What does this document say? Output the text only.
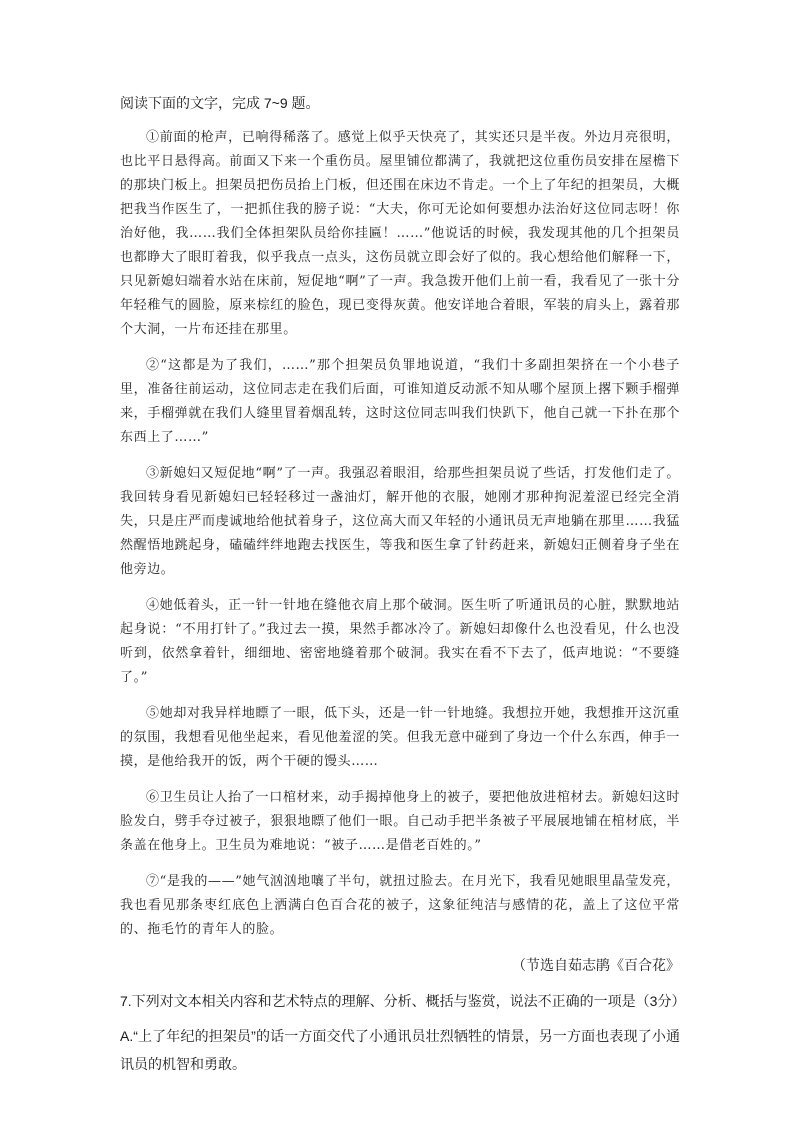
阅读下面的文字，完成 7~9 题。

①前面的枪声，已响得稀落了。感觉上似乎天快亮了，其实还只是半夜。外边月亮很明，也比平日悬得高。前面又下来一个重伤员。屋里铺位都满了，我就把这位重伤员安排在屋檐下的那块门板上。担架员把伤员抬上门板，但还围在床边不肯走。一个上了年纪的担架员，大概把我当作医生了，一把抓住我的膀子说：“大夫，你可无论如何要想办法治好这位同志呀！你治好他，我……我们全体担架队员给你挂匾！……”他说话的时候，我发现其他的几个担架员也都睁大了眼盯着我，似乎我点一点头，这伤员就立即会好了似的。我心想给他们解释一下，只见新媳妇端着水站在床前，短促地“啊”了一声。我急拨开他们上前一看，我看见了一张十分年轻稚气的圆脸，原来棕红的脸色，现已变得灰黄。他安详地合着眼，军装的肩头上，露着那个大洞，一片布还挂在那里。

②“这都是为了我们，……”那个担架员负罪地说道，“我们十多副担架挤在一个小巷子里，准备往前运动，这位同志走在我们后面，可谁知道反动派不知从哪个屋顶上撂下颗手榴弹来，手榴弹就在我们人缝里冒着烟乱转，这时这位同志叫我们快趴下，他自己就一下扑在那个东西上了……”

③新媳妇又短促地“啊”了一声。我强忍着眼泪，给那些担架员说了些话，打发他们走了。我回转身看见新媳妇已轻轻移过一盏油灯，解开他的衣服，她刚才那种拘泥羞涩已经完全消失，只是庄严而虔诚地给他拭着身子，这位高大而又年轻的小通讯员无声地躺在那里……我猛然醒悟地跳起身，磕磕绊绊地跑去找医生，等我和医生拿了针药赶来，新媳妇正侧着身子坐在他旁边。

④她低着头，正一针一针地在缝他衣肩上那个破洞。医生听了听通讯员的心脏，默默地站起身说：“不用打针了。”我过去一摸，果然手都冰冷了。新媳妇却像什么也没看见，什么也没听到，依然拿着针，细细地、密密地缝着那个破洞。我实在看不下去了，低声地说：“不要缝了。”

⑤她却对我异样地瞟了一眼，低下头，还是一针一针地缝。我想拉开她，我想推开这沉重的氛围，我想看见他坐起来，看见他羞涩的笑。但我无意中碰到了身边一个什么东西，伸手一摸，是他给我开的饭，两个干硬的馒头……

⑥卫生员让人抬了一口棺材来，动手揭掉他身上的被子，要把他放进棺材去。新媳妇这时脸发白，劈手夺过被子，狠狠地瞟了他们一眼。自己动手把半条被子平展展地铺在棺材底，半条盖在他身上。卫生员为难地说：“被子……是借老百姓的。”

⑦“是我的——”她气汹汹地嚷了半句，就扭过脸去。在月光下，我看见她眼里晶莹发亮，我也看见那条枣红底色上洒满白色百合花的被子，这象征纯洁与感情的花，盖上了这位平常的、拖毛竹的青年人的脸。

（节选自茹志鹃《百合花》

7.下列对文本相关内容和艺术特点的理解、分析、概括与鉴赏，说法不正确的一项是（3分）

A.“上了年纪的担架员”的话一方面交代了小通讯员壮烈牺牲的情景，另一方面也表现了小通讯员的机智和勇敢。
